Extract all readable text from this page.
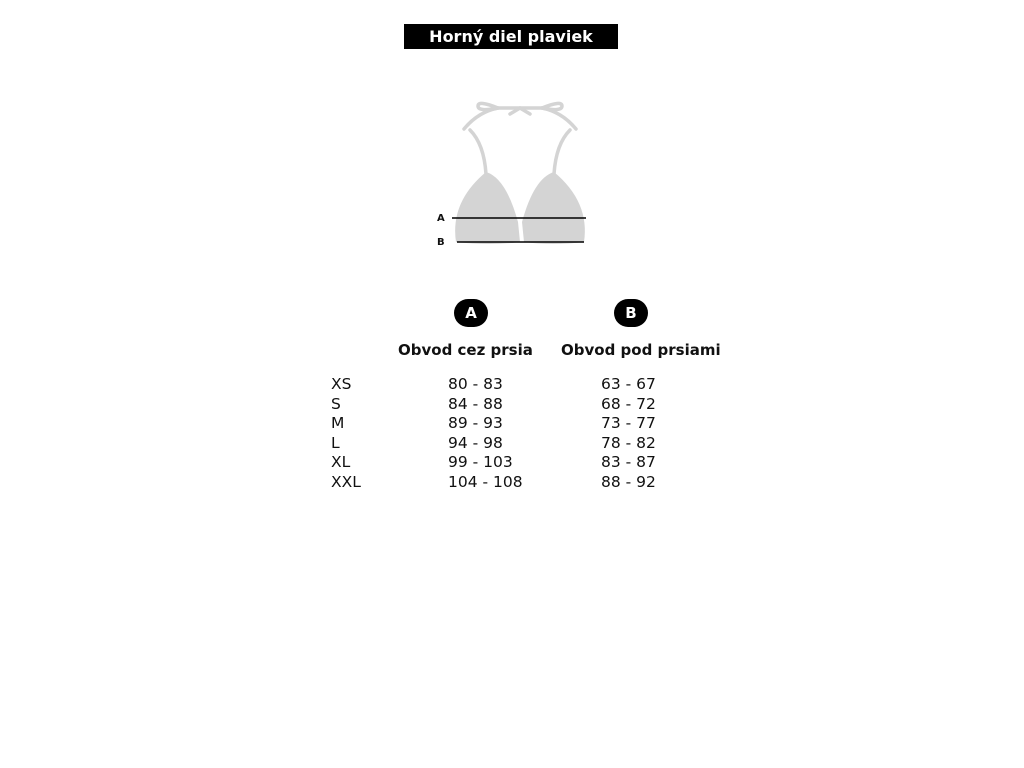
Horný diel plaviek
A
B
A	B
Obvod cez prsia Obvod pod prsiami
XS	80 - 83	63 - 67
S	84 - 88	68 - 72
M	89 - 93	73 - 77
L	94 - 98	78 - 82
XL	99 - 103	83 - 87
XXL	104 - 108	88 - 92
